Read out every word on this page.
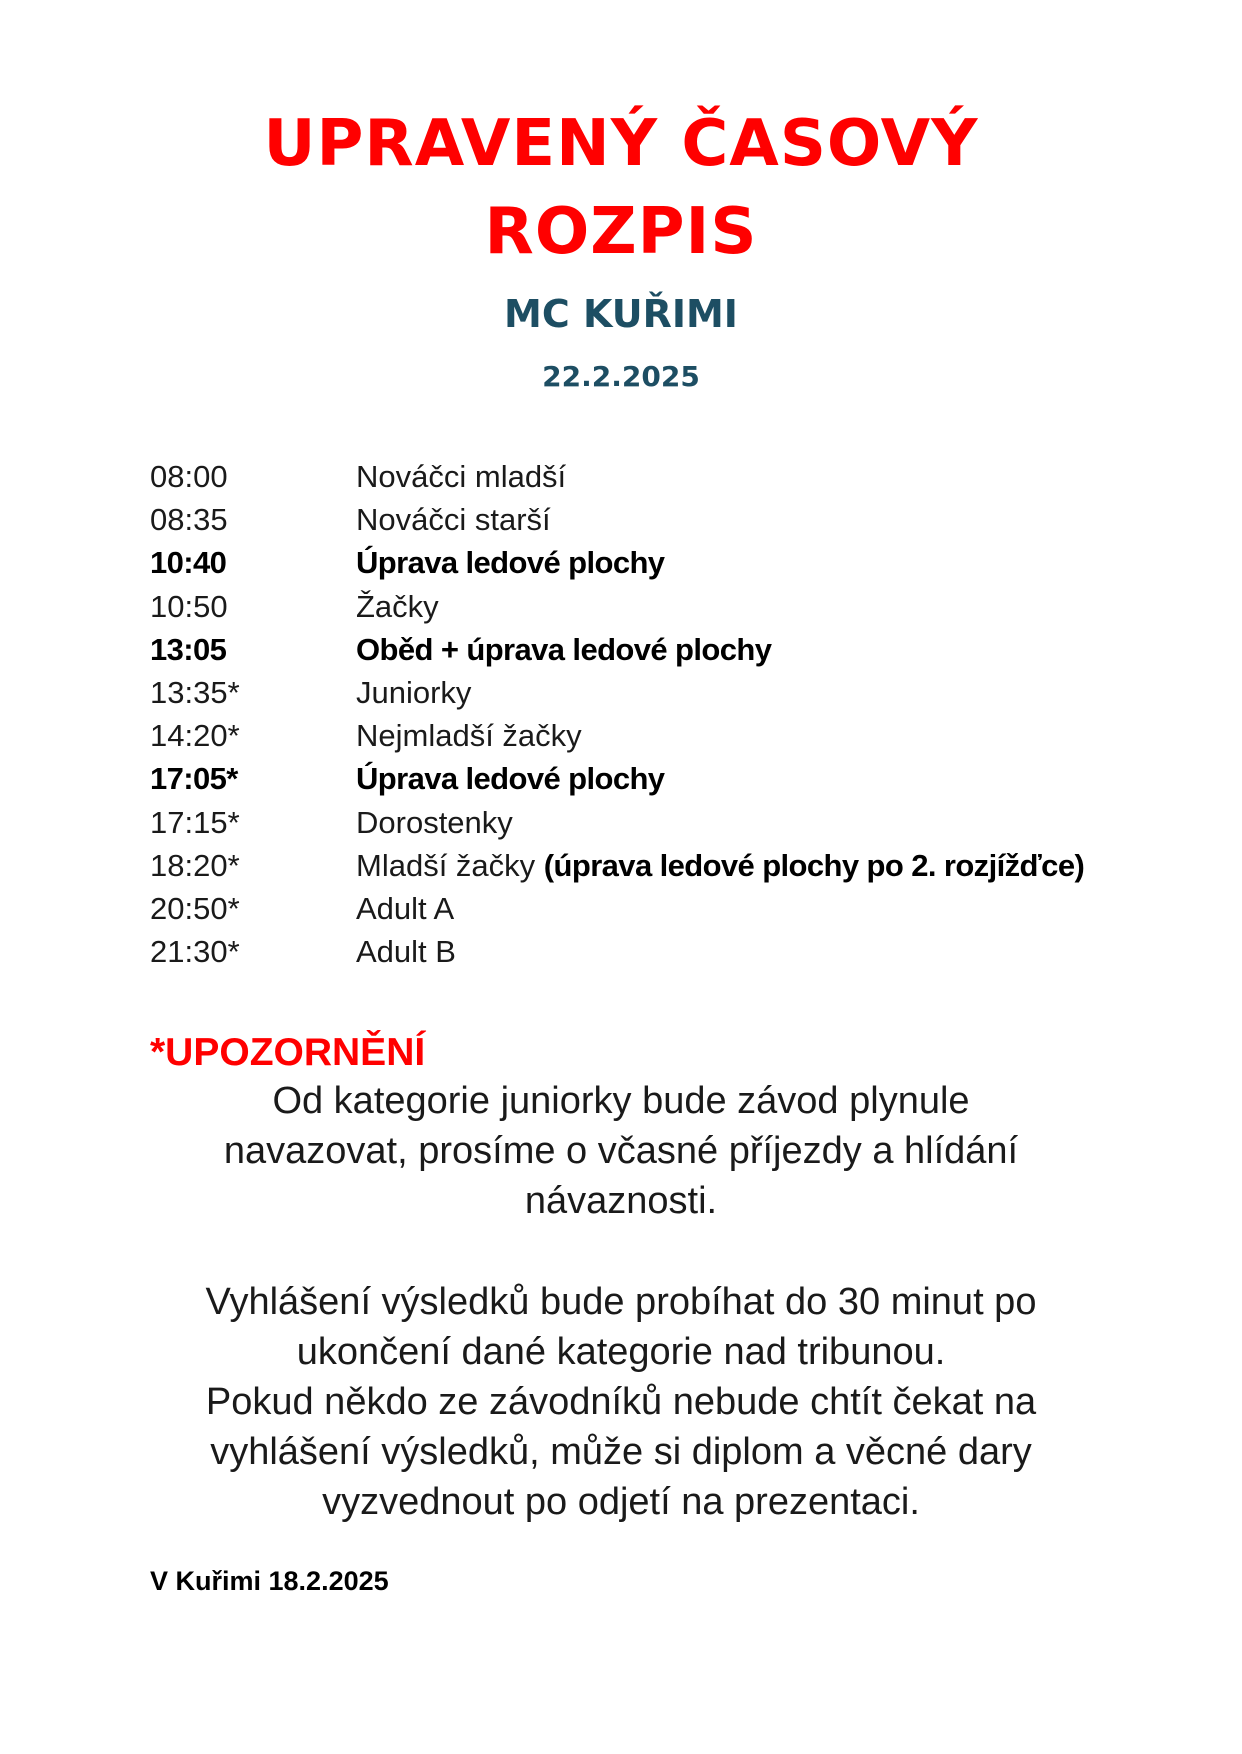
UPRAVENÝ ČASOVÝ
ROZPIS
MC KUŘIMI
22.2.2025
08:00	Nováčci mladší
08:35	Nováčci starší
10:40	Úprava ledové plochy
10:50	Žačky
13:05	Oběd + úprava ledové plochy
13:35*	Juniorky
14:20*	Nejmladší žačky
17:05*	Úprava ledové plochy
17:15*	Dorostenky
18:20*	Mladší žačky (úprava ledové plochy po 2. rozjížďce)
20:50*	Adult A
21:30*	Adult B
*UPOZORNĚNÍ
Od kategorie juniorky bude závod plynule
navazovat, prosíme o včasné příjezdy a hlídání
návaznosti.
Vyhlášení výsledků bude probíhat do 30 minut po
ukončení dané kategorie nad tribunou.
Pokud někdo ze závodníků nebude chtít čekat na
vyhlášení výsledků, může si diplom a věcné dary
vyzvednout po odjetí na prezentaci.
V Kuřimi 18.2.2025
